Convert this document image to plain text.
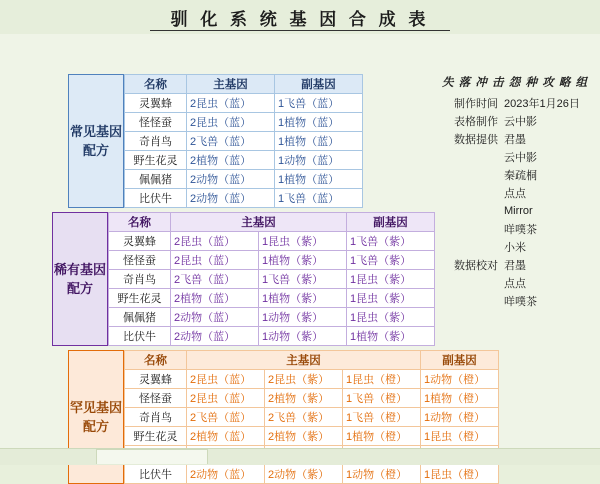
驯 化 系 统 基 因 合 成 表
常见基因配方
名称	主基因	副基因
灵翼蜂	2昆虫（蓝）	1飞兽（蓝）
怪怪蚕	2昆虫（蓝）	1植物（蓝）
奇肖鸟	2飞兽（蓝）	1植物（蓝）
野生花灵	2植物（蓝）	1动物（蓝）
佩佩猪	2动物（蓝）	1植物（蓝）
比伏牛	2动物（蓝）	1飞兽（蓝）
稀有基因配方
名称	主基因		副基因
灵翼蜂	2昆虫（蓝）	1昆虫（紫）	1飞兽（紫）
怪怪蚕	2昆虫（蓝）	1植物（紫）	1飞兽（紫）
奇肖鸟	2飞兽（蓝）	1飞兽（紫）	1昆虫（紫）
野生花灵	2植物（蓝）	1植物（紫）	1昆虫（紫）
佩佩猪	2动物（蓝）	1动物（紫）	1昆虫（紫）
比伏牛	2动物（蓝）	1动物（紫）	1植物（紫）
罕见基因配方
名称	主基因			副基因
灵翼蜂	2昆虫（蓝）	2昆虫（紫）	1昆虫（橙）	1动物（橙）
怪怪蚕	2昆虫（蓝）	2植物（紫）	1飞兽（橙）	1植物（橙）
奇肖鸟	2飞兽（蓝）	2飞兽（紫）	1飞兽（橙）	1动物（橙）
野生花灵	2植物（蓝）	2植物（紫）	1植物（橙）	1昆虫（橙）

比伏牛	2动物（蓝）	2动物（紫）	1动物（橙）	1昆虫（橙）
失 落 冲 击 怨 种 攻 略 组
制作时间 2023年1月26日
表格制作 云中影
数据提供 君墨
云中影
秦疏桐
点点
Mirror
咩噗茶
小米
数据校对 君墨
点点
咩噗茶
